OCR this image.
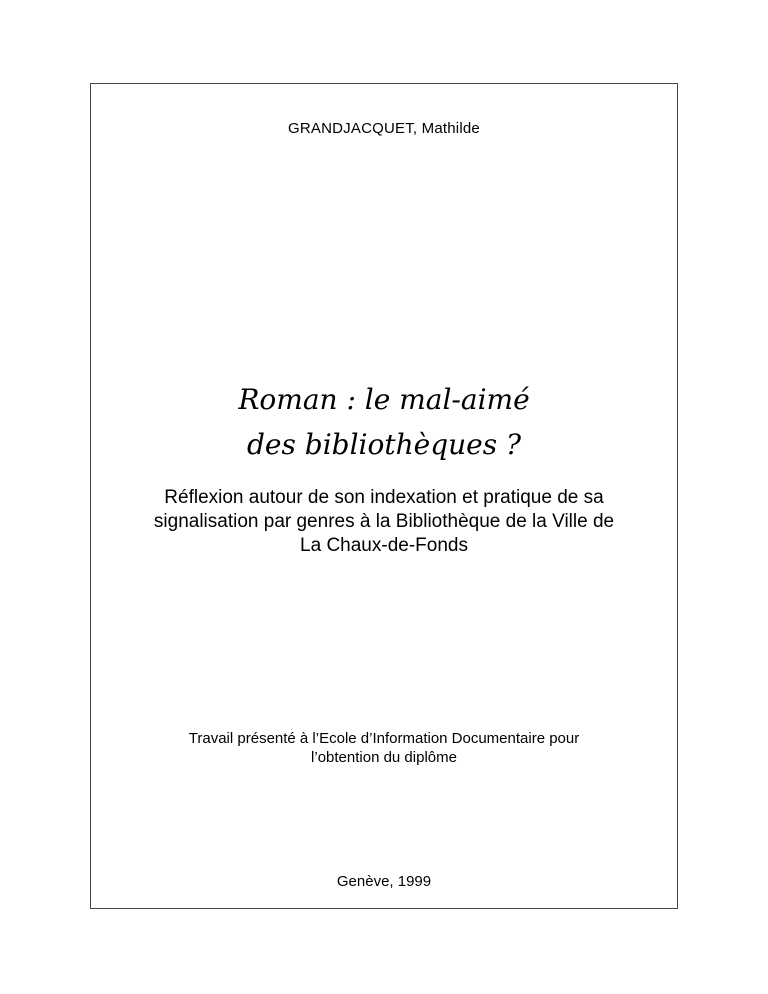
GRANDJACQUET, Mathilde
Roman : le mal-aimé
des bibliothèques ?
Réflexion autour de son indexation et pratique de sa
signalisation par genres à la Bibliothèque de la Ville de
La Chaux-de-Fonds
Travail présenté à l’Ecole d’Information Documentaire pour
l’obtention du diplôme
Genève, 1999
